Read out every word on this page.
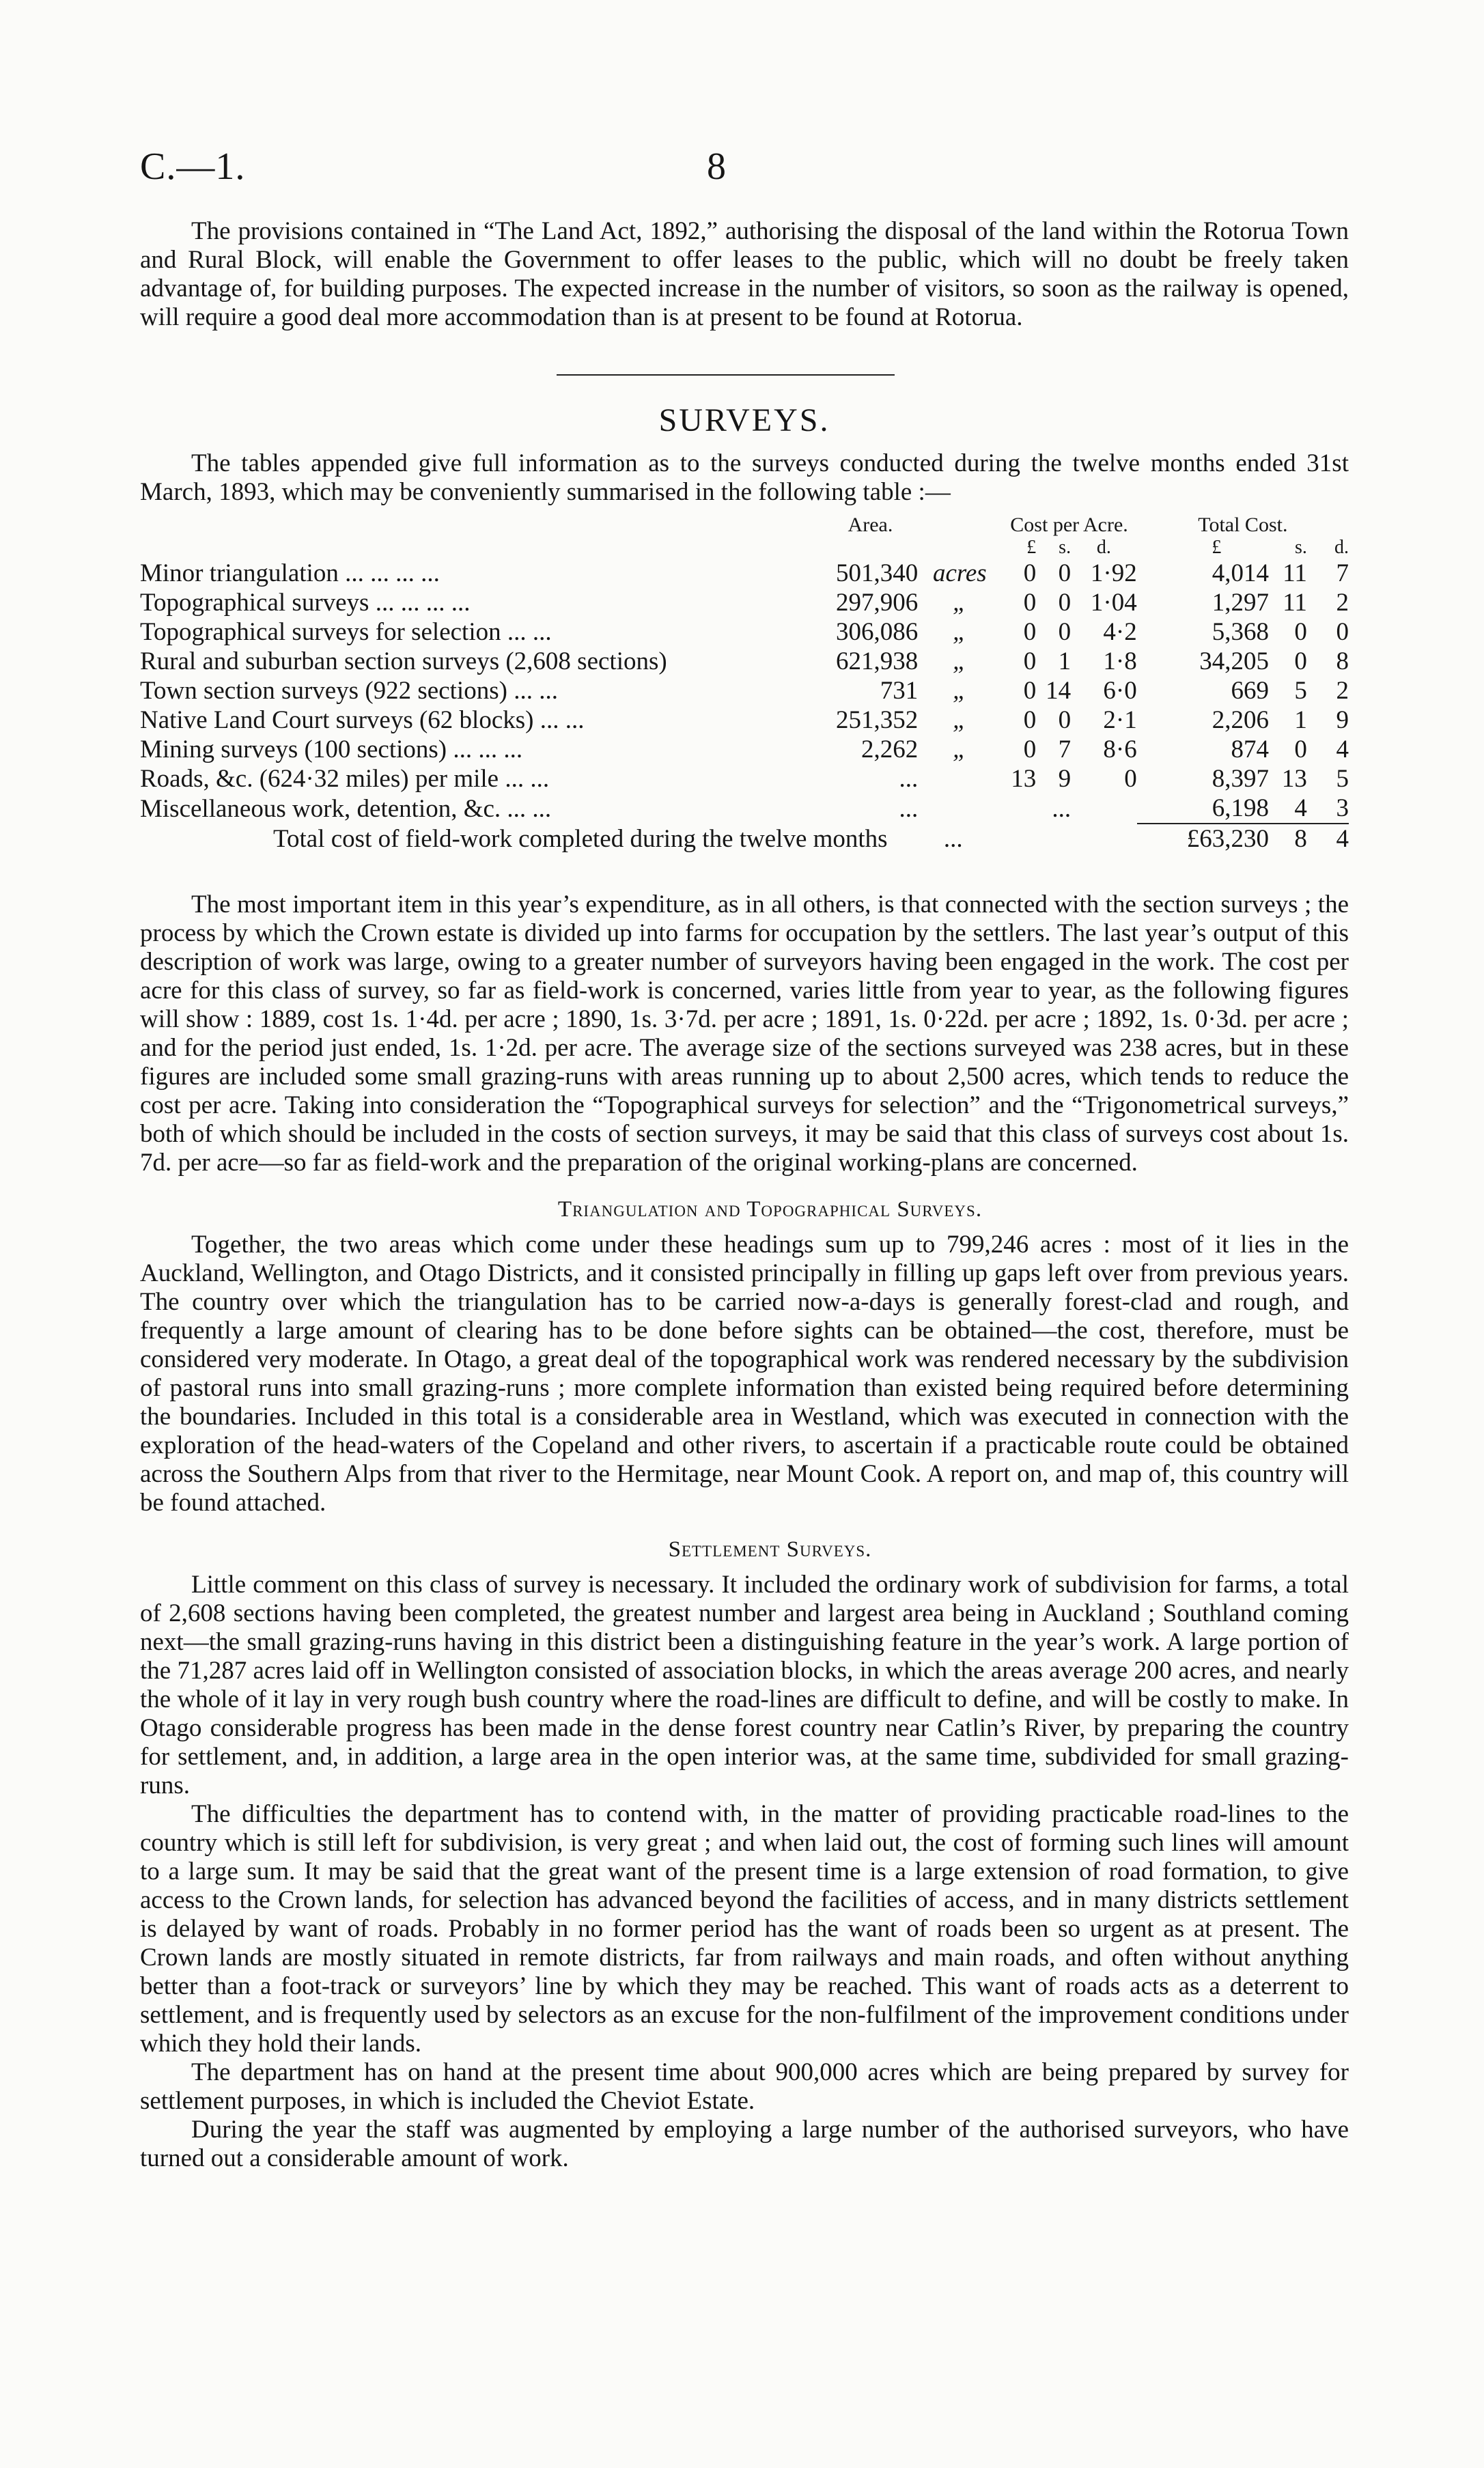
C.—1.	8

The provisions contained in “The Land Act, 1892,” authorising the disposal of the land within the Rotorua Town and Rural Block, will enable the Government to offer leases to the public, which will no doubt be freely taken advantage of, for building purposes. The expected increase in the number of visitors, so soon as the railway is opened, will require a good deal more accommodation than is at present to be found at Rotorua.

SURVEYS.

The tables appended give full information as to the surveys conducted during the twelve months ended 31st March, 1893, which may be conveniently summarised in the following table :—

	Area.		Cost per Acre.			Total Cost.		
			£	s.	d.	£	s.	d.
Minor triangulation ... ... ... ...	501,340	acres	0	0	1·92	4,014	11	7
Topographical surveys ... ... ... ...	297,906	„	0	0	1·04	1,297	11	2
Topographical surveys for selection ... ...	306,086	„	0	0	4·2	5,368	0	0
Rural and suburban section surveys (2,608 sections)	621,938	„	0	1	1·8	34,205	0	8
Town section surveys (922 sections) ... ...	731	„	0	14	6·0	669	5	2
Native Land Court surveys (62 blocks) ... ...	251,352	„	0	0	2·1	2,206	1	9
Mining surveys (100 sections) ... ... ...	2,262	„	0	7	8·6	874	0	4
Roads, &c. (624·32 miles) per mile ... ...	...		13	9	0	8,397	13	5
Miscellaneous work, detention, &c. ... ...	...			...		6,198	4	3
Total cost of field-work completed during the twelve months ...						£63,230	8	4

The most important item in this year’s expenditure, as in all others, is that connected with the section surveys ; the process by which the Crown estate is divided up into farms for occupation by the settlers. The last year’s output of this description of work was large, owing to a greater number of surveyors having been engaged in the work. The cost per acre for this class of survey, so far as field-work is concerned, varies little from year to year, as the following figures will show : 1889, cost 1s. 1·4d. per acre ; 1890, 1s. 3·7d. per acre ; 1891, 1s. 0·22d. per acre ; 1892, 1s. 0·3d. per acre ; and for the period just ended, 1s. 1·2d. per acre. The average size of the sections surveyed was 238 acres, but in these figures are included some small grazing-runs with areas running up to about 2,500 acres, which tends to reduce the cost per acre. Taking into consideration the “Topographical surveys for selection” and the “Trigonometrical surveys,” both of which should be included in the costs of section surveys, it may be said that this class of surveys cost about 1s. 7d. per acre—so far as field-work and the preparation of the original working-plans are concerned.

Triangulation and Topographical Surveys.

Together, the two areas which come under these headings sum up to 799,246 acres : most of it lies in the Auckland, Wellington, and Otago Districts, and it consisted principally in filling up gaps left over from previous years. The country over which the triangulation has to be carried now-a-days is generally forest-clad and rough, and frequently a large amount of clearing has to be done before sights can be obtained—the cost, therefore, must be considered very moderate. In Otago, a great deal of the topographical work was rendered necessary by the subdivision of pastoral runs into small grazing-runs ; more complete information than existed being required before determining the boundaries. Included in this total is a considerable area in Westland, which was executed in connection with the exploration of the head-waters of the Copeland and other rivers, to ascertain if a practicable route could be obtained across the Southern Alps from that river to the Hermitage, near Mount Cook. A report on, and map of, this country will be found attached.

Settlement Surveys.

Little comment on this class of survey is necessary. It included the ordinary work of subdivision for farms, a total of 2,608 sections having been completed, the greatest number and largest area being in Auckland ; Southland coming next—the small grazing-runs having in this district been a distinguishing feature in the year’s work. A large portion of the 71,287 acres laid off in Wellington consisted of association blocks, in which the areas average 200 acres, and nearly the whole of it lay in very rough bush country where the road-lines are difficult to define, and will be costly to make. In Otago considerable progress has been made in the dense forest country near Catlin’s River, by preparing the country for settlement, and, in addition, a large area in the open interior was, at the same time, subdivided for small grazing-runs.

The difficulties the department has to contend with, in the matter of providing practicable road-lines to the country which is still left for subdivision, is very great ; and when laid out, the cost of forming such lines will amount to a large sum. It may be said that the great want of the present time is a large extension of road formation, to give access to the Crown lands, for selection has advanced beyond the facilities of access, and in many districts settlement is delayed by want of roads. Probably in no former period has the want of roads been so urgent as at present. The Crown lands are mostly situated in remote districts, far from railways and main roads, and often without anything better than a foot-track or surveyors’ line by which they may be reached. This want of roads acts as a deterrent to settlement, and is frequently used by selectors as an excuse for the non-fulfilment of the improvement conditions under which they hold their lands.

The department has on hand at the present time about 900,000 acres which are being prepared by survey for settlement purposes, in which is included the Cheviot Estate.

During the year the staff was augmented by employing a large number of the authorised surveyors, who have turned out a considerable amount of work.
